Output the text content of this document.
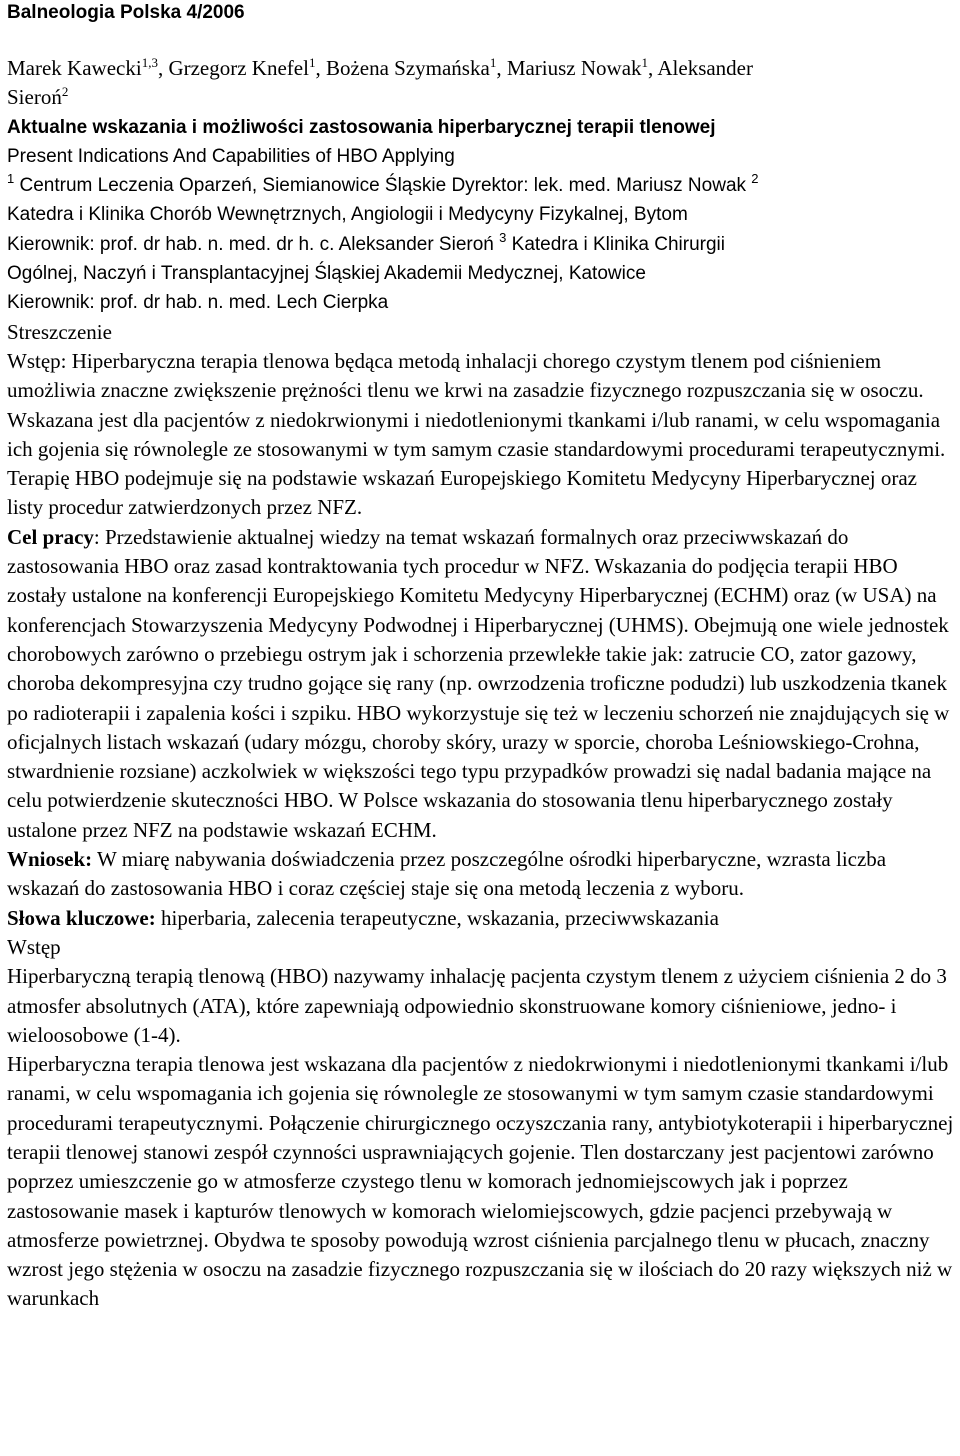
Balneologia Polska 4/2006
Marek Kawecki$^{1,3}$, Grzegorz Knefel$^1$, Bożena Szymańska$^1$, Mariusz Nowak$^1$, Aleksander
Sieroń$^2$
Aktualne wskazania i możliwości zastosowania hiperbarycznej terapii tlenowej
Present Indications And Capabilities of HBO Applying
$^1$ Centrum Leczenia Oparzeń, Siemianowice Śląskie Dyrektor: lek. med. Mariusz Nowak $^2$
Katedra i Klinika Chorób Wewnętrznych, Angiologii i Medycyny Fizykalnej, Bytom
Kierownik: prof. dr hab. n. med. dr h. c. Aleksander Sieroń $^3$ Katedra i Klinika Chirurgii
Ogólnej, Naczyń i Transplantacyjnej Śląskiej Akademii Medycznej, Katowice
Kierownik: prof. dr hab. n. med. Lech Cierpka

Streszczenie

Wstęp: Hiperbaryczna terapia tlenowa będąca metodą inhalacji chorego czystym tlenem pod ciśnieniem umożliwia znaczne zwiększenie prężności tlenu we krwi na zasadzie fizycznego rozpuszczania się w osoczu. Wskazana jest dla pacjentów z niedokrwionymi i niedotlenionymi tkankami i/lub ranami, w celu wspomagania ich gojenia się równolegle ze stosowanymi w tym samym czasie standardowymi procedurami terapeutycznymi. Terapię HBO podejmuje się na podstawie wskazań Europejskiego Komitetu Medycyny Hiperbarycznej oraz listy procedur zatwierdzonych przez NFZ.

Cel pracy: Przedstawienie aktualnej wiedzy na temat wskazań formalnych oraz przeciwwskazań do zastosowania HBO oraz zasad kontraktowania tych procedur w NFZ. Wskazania do podjęcia terapii HBO zostały ustalone na konferencji Europejskiego Komitetu Medycyny Hiperbarycznej (ECHM) oraz (w USA) na konferencjach Stowarzyszenia Medycyny Podwodnej i Hiperbarycznej (UHMS). Obejmują one wiele jednostek chorobowych zarówno o przebiegu ostrym jak i schorzenia przewlekłe takie jak: zatrucie CO, zator gazowy, choroba dekompresyjna czy trudno gojące się rany (np. owrzodzenia troficzne podudzi) lub uszkodzenia tkanek po radioterapii i zapalenia kości i szpiku. HBO wykorzystuje się też w leczeniu schorzeń nie znajdujących się w oficjalnych listach wskazań (udary mózgu, choroby skóry, urazy w sporcie, choroba Leśniowskiego-Crohna, stwardnienie rozsiane) aczkolwiek w większości tego typu przypadków prowadzi się nadal badania mające na celu potwierdzenie skuteczności HBO. W Polsce wskazania do stosowania tlenu hiperbarycznego zostały ustalone przez NFZ na podstawie wskazań ECHM.

Wniosek: W miarę nabywania doświadczenia przez poszczególne ośrodki hiperbaryczne, wzrasta liczba wskazań do zastosowania HBO i coraz częściej staje się ona metodą leczenia z wyboru.

Słowa kluczowe: hiperbaria, zalecenia terapeutyczne, wskazania, przeciwwskazania

Wstęp

Hiperbaryczną terapią tlenową (HBO) nazywamy inhalację pacjenta czystym tlenem z użyciem ciśnienia 2 do 3 atmosfer absolutnych (ATA), które zapewniają odpowiednio skonstruowane komory ciśnieniowe, jedno- i wieloosobowe (1-4).

Hiperbaryczna terapia tlenowa jest wskazana dla pacjentów z niedokrwionymi i niedotlenionymi tkankami i/lub ranami, w celu wspomagania ich gojenia się równolegle ze stosowanymi w tym samym czasie standardowymi procedurami terapeutycznymi. Połączenie chirurgicznego oczyszczania rany, antybiotykoterapii i hiperbarycznej terapii tlenowej stanowi zespół czynności usprawniających gojenie. Tlen dostarczany jest pacjentowi zarówno poprzez umieszczenie go w atmosferze czystego tlenu w komorach jednomiejscowych jak i poprzez zastosowanie masek i kapturów tlenowych w komorach wielomiejscowych, gdzie pacjenci przebywają w atmosferze powietrznej. Obydwa te sposoby powodują wzrost ciśnienia parcjalnego tlenu w płucach, znaczny wzrost jego stężenia w osoczu na zasadzie fizycznego rozpuszczania się w ilościach do 20 razy większych niż w warunkach
